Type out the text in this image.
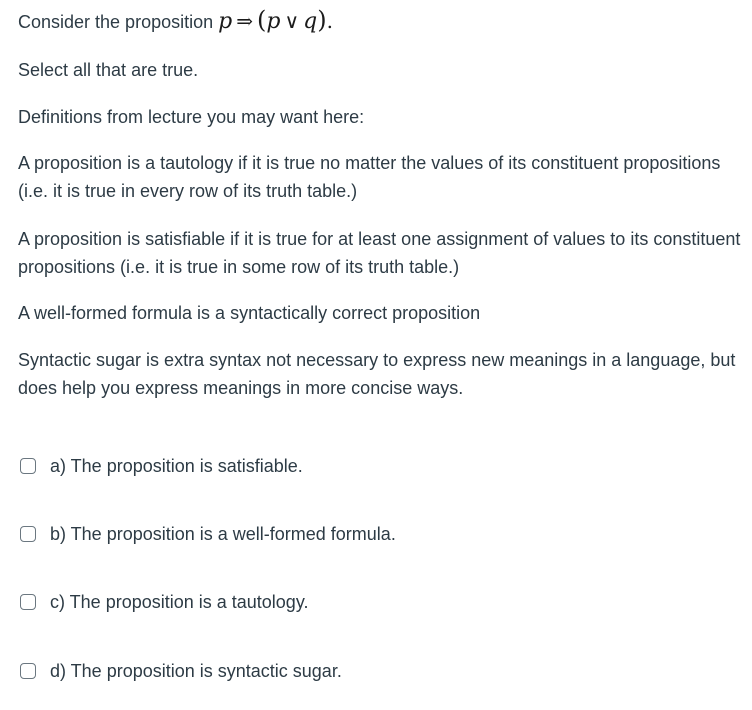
Consider the proposition p ⇒ (p ∨ q).
Select all that are true.
Definitions from lecture you may want here:
A proposition is a tautology if it is true no matter the values of its constituent propositions (i.e. it is true in every row of its truth table.)
A proposition is satisfiable if it is true for at least one assignment of values to its constituent propositions (i.e. it is true in some row of its truth table.)
A well-formed formula is a syntactically correct proposition
Syntactic sugar is extra syntax not necessary to express new meanings in a language, but does help you express meanings in more concise ways.
a) The proposition is satisfiable.
b) The proposition is a well-formed formula.
c) The proposition is a tautology.
d) The proposition is syntactic sugar.
